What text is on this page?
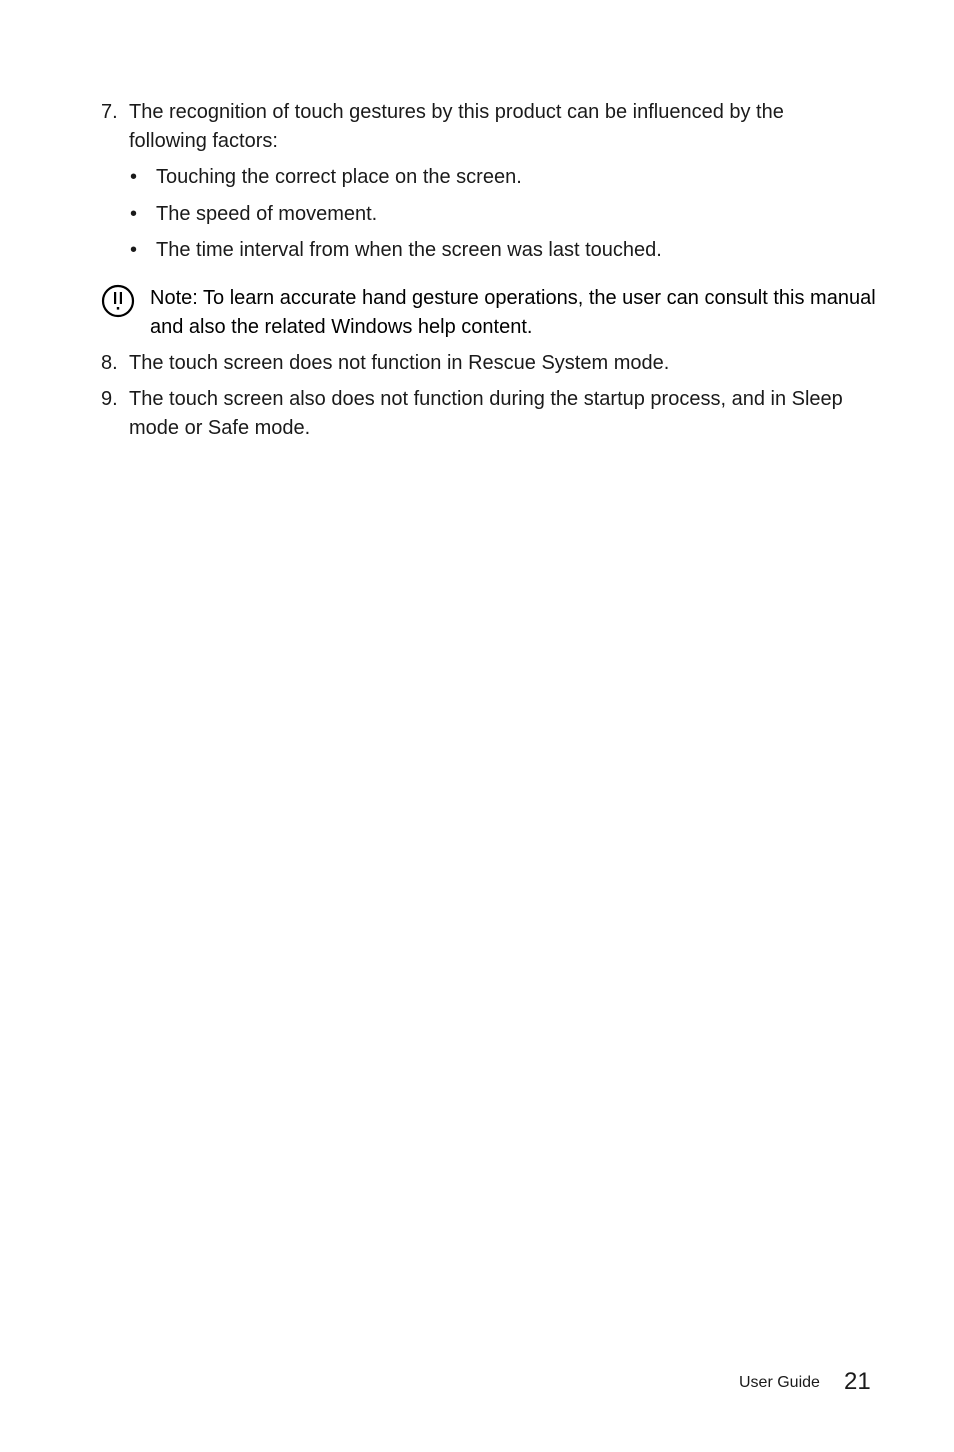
7. The recognition of touch gestures by this product can be influenced by the following factors:
• Touching the correct place on the screen.
• The speed of movement.
• The time interval from when the screen was last touched.
Note: To learn accurate hand gesture operations, the user can consult this manual and also the related Windows help content.
8. The touch screen does not function in Rescue System mode.
9. The touch screen also does not function during the startup process, and in Sleep mode or Safe mode.
User Guide 21
